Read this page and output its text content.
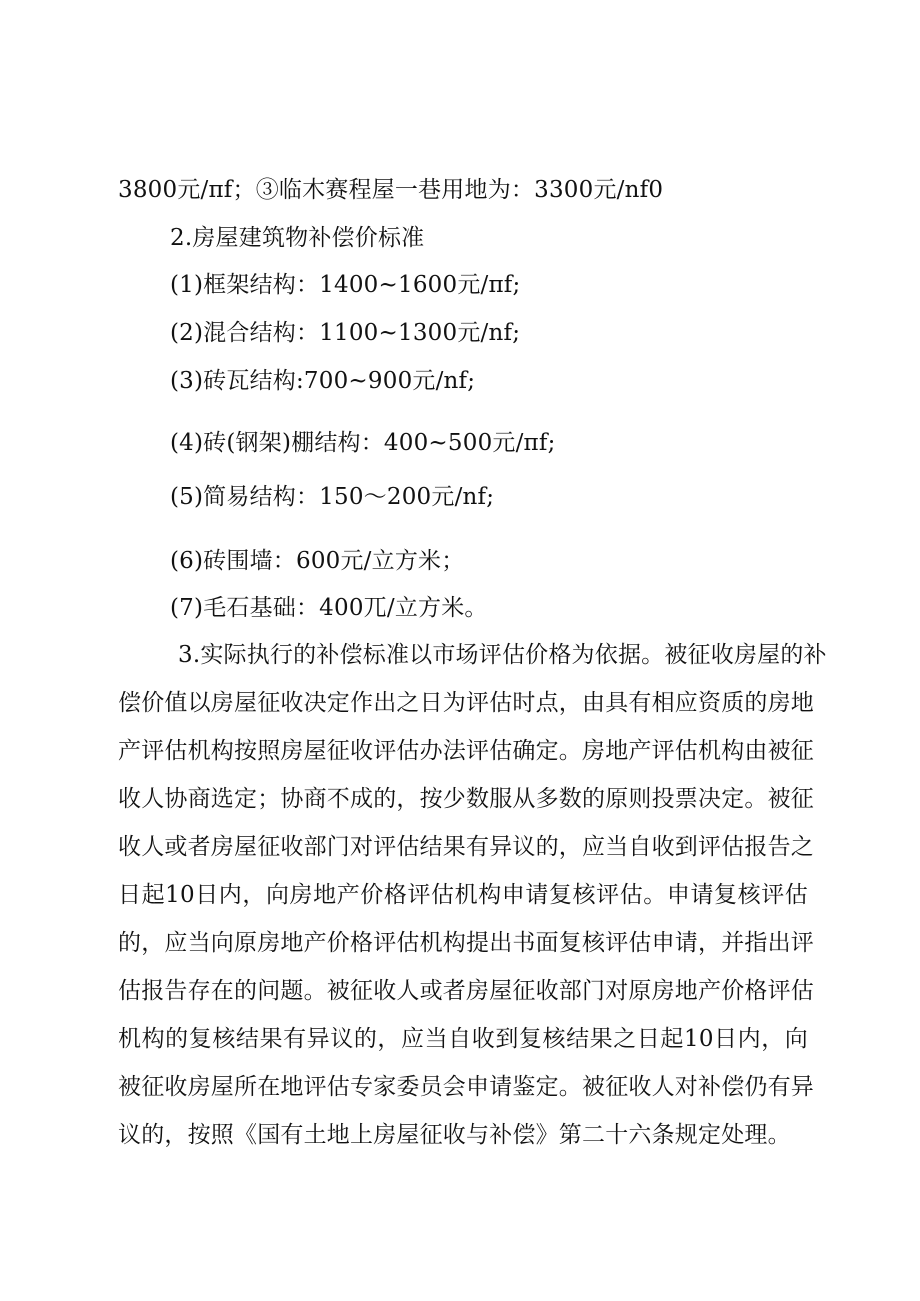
3800元/πf；③临木赛程屋一巷用地为：3300元/nf0
2.房屋建筑物补偿价标准
(1)框架结构：1400~1600元/πf;
(2)混合结构：1100~1300元/nf;
(3)砖瓦结构:700~900元/nf;
(4)砖(钢架)棚结构：400~500元/πf;
(5)简易结构：150～200元/nf;
(6)砖围墙：600元/立方米；
(7)毛石基础：400兀/立方米。
3.实际执行的补偿标准以市场评估价格为依据。被征收房屋的补
偿价值以房屋征收决定作出之日为评估时点，由具有相应资质的房地
产评估机构按照房屋征收评估办法评估确定。房地产评估机构由被征
收人协商选定；协商不成的，按少数服从多数的原则投票决定。被征
收人或者房屋征收部门对评估结果有异议的，应当自收到评估报告之
日起10日内，向房地产价格评估机构申请复核评估。申请复核评估
的，应当向原房地产价格评估机构提出书面复核评估申请，并指出评
估报告存在的问题。被征收人或者房屋征收部门对原房地产价格评估
机构的复核结果有异议的，应当自收到复核结果之日起10日内，向
被征收房屋所在地评估专家委员会申请鉴定。被征收人对补偿仍有异
议的，按照《国有土地上房屋征收与补偿》第二十六条规定处理。
